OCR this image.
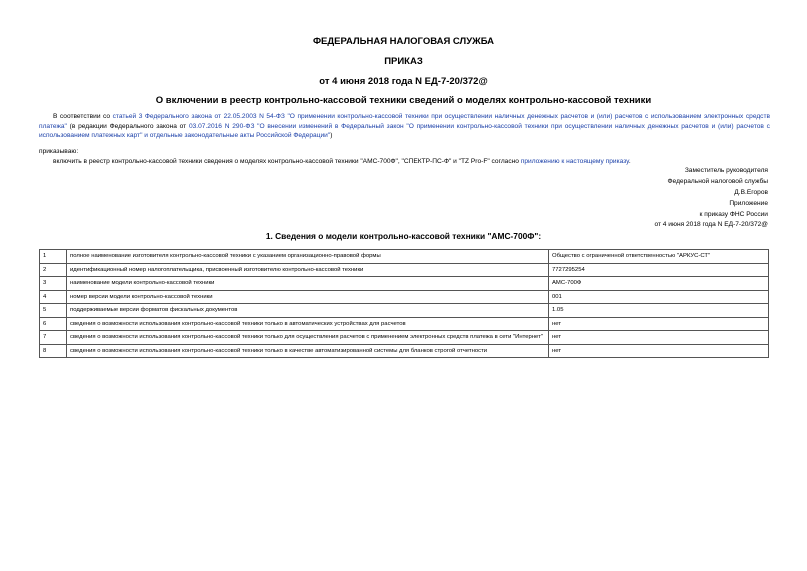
ФЕДЕРАЛЬНАЯ НАЛОГОВАЯ СЛУЖБА
ПРИКАЗ
от 4 июня 2018 года N ЕД-7-20/372@
О включении в реестр контрольно-кассовой техники сведений о моделях контрольно-кассовой техники
В соответствии со статьей 3 Федерального закона от 22.05.2003 N 54-ФЗ "О применении контрольно-кассовой техники при осуществлении наличных денежных расчетов и (или) расчетов с использованием электронных средств платежа" (в редакции Федерального закона от 03.07.2016 N 290-ФЗ "О внесении изменений в Федеральный закон "О применении контрольно-кассовой техники при осуществлении наличных денежных расчетов и (или) расчетов с использованием платежных карт" и отдельные законодательные акты Российской Федерации")
приказываю:
включить в реестр контрольно-кассовой техники сведения о моделях контрольно-кассовой техники "АМС-700Ф", "СПЕКТР-ПС-Ф" и "TZ Pro-F" согласно приложению к настоящему приказу.
Заместитель руководителя
Федеральной налоговой службы
Д.В.Егоров
Приложение
к приказу ФНС России
от 4 июня 2018 года N ЕД-7-20/372@
1. Сведения о модели контрольно-кассовой техники "АМС-700Ф":
1	полное наименование изготовителя контрольно-кассовой техники с указанием организационно-правовой формы	Общество с ограниченной ответственностью "АРКУС-СТ"
2	идентификационный номер налогоплательщика, присвоенный изготовителю контрольно-кассовой техники	7727295254
3	наименование модели контрольно-кассовой техники	АМС-700Ф
4	номер версии модели контрольно-кассовой техники	001
5	поддерживаемые версии форматов фискальных документов	1.05
6	сведения о возможности использования контрольно-кассовой техники только в автоматических устройствах для расчетов	нет
7	сведения о возможности использования контрольно-кассовой техники только для осуществления расчетов с применением электронных средств платежа в сети "Интернет"	нет
8	сведения о возможности использования контрольно-кассовой техники только в качестве автоматизированной системы для бланков строгой отчетности	нет
